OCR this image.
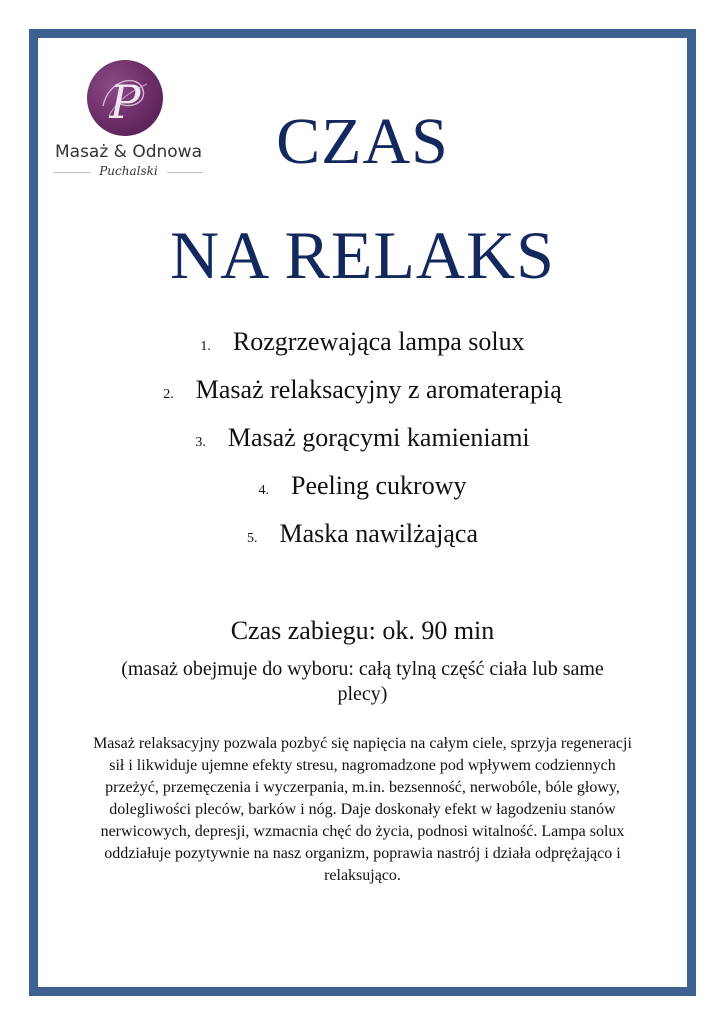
P
Masaż & Odnowa
Puchalski	CZAS
NA RELAKS
1. Rozgrzewająca lampa solux
2. Masaż relaksacyjny z aromaterapią
3. Masaż gorącymi kamieniami
4. Peeling cukrowy
5. Maska nawilżająca
Czas zabiegu: ok. 90 min
(masaż obejmuje do wyboru: całą tylną część ciała lub same plecy)
Masaż relaksacyjny pozwala pozbyć się napięcia na całym ciele, sprzyja regeneracji sił i likwiduje ujemne efekty stresu, nagromadzone pod wpływem codziennych przeżyć, przemęczenia i wyczerpania, m.in. bezsenność, nerwobóle, bóle głowy, dolegliwości pleców, barków i nóg. Daje doskonały efekt w łagodzeniu stanów nerwicowych, depresji, wzmacnia chęć do życia, podnosi witalność. Lampa solux oddziałuje pozytywnie na nasz organizm, poprawia nastrój i działa odprężająco i relaksująco.
